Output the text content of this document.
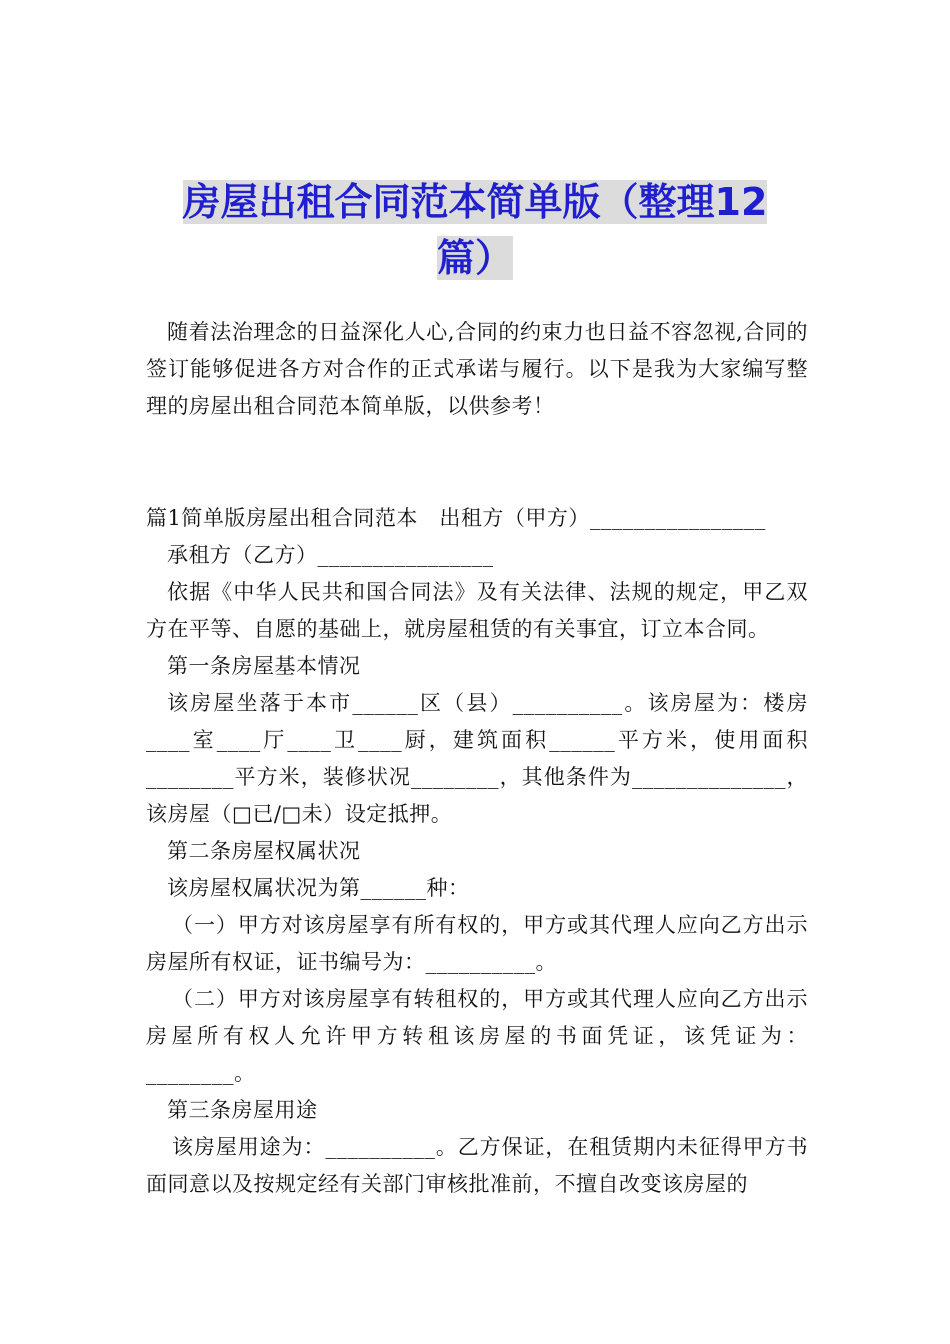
房屋出租合同范本简单版（整理12
篇）

随着法治理念的日益深化人心,合同的约束力也日益不容忽视,合同的签订能够促进各方对合作的正式承诺与履行。以下是我为大家编写整理的房屋出租合同范本简单版，以供参考！

篇1简单版房屋出租合同范本　出租方（甲方）________________

承租方（乙方）________________

依据《中华人民共和国合同法》及有关法律、法规的规定，甲乙双方在平等、自愿的基础上，就房屋租赁的有关事宜，订立本合同。

第一条房屋基本情况

该房屋坐落于本市______区（县）__________。该房屋为：楼房____室____厅____卫____厨，建筑面积______平方米，使用面积________平方米，装修状况________，其他条件为______________，该房屋（□已/□未）设定抵押。

第二条房屋权属状况

该房屋权属状况为第______种：

（一）甲方对该房屋享有所有权的，甲方或其代理人应向乙方出示房屋所有权证，证书编号为：__________。

（二）甲方对该房屋享有转租权的，甲方或其代理人应向乙方出示房屋所有权人允许甲方转租该房屋的书面凭证，该凭证为：________。

第三条房屋用途

该房屋用途为：__________。乙方保证，在租赁期内未征得甲方书面同意以及按规定经有关部门审核批准前，不擅自改变该房屋的
